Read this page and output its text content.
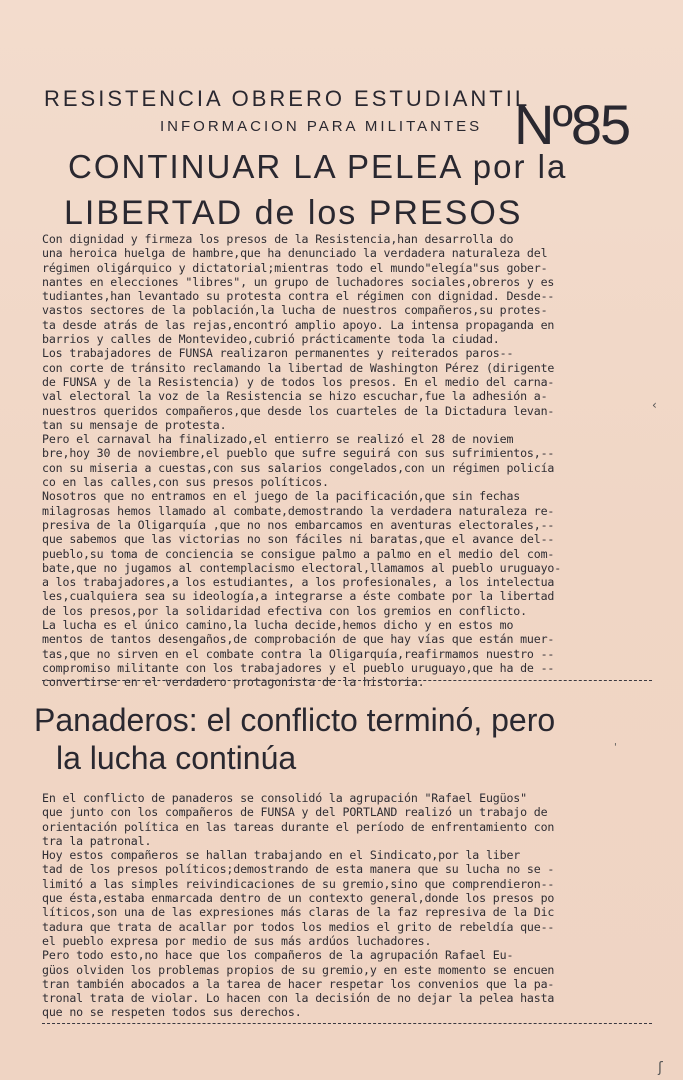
RESISTENCIA OBRERO ESTUDIANTIL
INFORMACION PARA MILITANTES Nº85
CONTINUAR LA PELEA por la
LIBERTAD de los PRESOS
Con dignidad y firmeza los presos de la Resistencia,han desarrolla do
una heroica huelga de hambre,que ha denunciado la verdadera naturaleza del
régimen oligárquico y dictatorial;mientras todo el mundo"elegía"sus gober-
nantes en elecciones "libres", un grupo de luchadores sociales,obreros y es
tudiantes,han levantado su protesta contra el régimen con dignidad. Desde--
vastos sectores de la población,la lucha de nuestros compañeros,su protes-
ta desde atrás de las rejas,encontró amplio apoyo. La intensa propaganda en
barrios y calles de Montevideo,cubrió prácticamente toda la ciudad.
Los trabajadores de FUNSA realizaron permanentes y reiterados paros--
con corte de tránsito reclamando la libertad de Washington Pérez (dirigente
de FUNSA y de la Resistencia) y de todos los presos. En el medio del carna-
val electoral la voz de la Resistencia se hizo escuchar,fue la adhesión a-
nuestros queridos compañeros,que desde los cuarteles de la Dictadura levan-
tan su mensaje de protesta.
Pero el carnaval ha finalizado,el entierro se realizó el 28 de noviem
bre,hoy 30 de noviembre,el pueblo que sufre seguirá con sus sufrimientos,--
con su miseria a cuestas,con sus salarios congelados,con un régimen policía
co en las calles,con sus presos políticos.
Nosotros que no entramos en el juego de la pacificación,que sin fechas
milagrosas hemos llamado al combate,demostrando la verdadera naturaleza re-
presiva de la Oligarquía ,que no nos embarcamos en aventuras electorales,--
que sabemos que las victorias no son fáciles ni baratas,que el avance del--
pueblo,su toma de conciencia se consigue palmo a palmo en el medio del com-
bate,que no jugamos al contemplacismo electoral,llamamos al pueblo uruguayo-
a los trabajadores,a los estudiantes, a los profesionales, a los intelectua
les,cualquiera sea su ideología,a integrarse a éste combate por la libertad
de los presos,por la solidaridad efectiva con los gremios en conflicto.
La lucha es el único camino,la lucha decide,hemos dicho y en estos mo
mentos de tantos desengaños,de comprobación de que hay vías que están muer-
tas,que no sirven en el combate contra la Oligarquía,reafirmamos nuestro --
compromiso militante con los trabajadores y el pueblo uruguayo,que ha de --
convertirse en el verdadero protagonista de la historia.
Panaderos: el conflicto terminó, pero
la lucha continúa
En el conflicto de panaderos se consolidó la agrupación "Rafael Eugüos"
que junto con los compañeros de FUNSA y del PORTLAND realizó un trabajo de
orientación política en las tareas durante el período de enfrentamiento con
tra la patronal.
Hoy estos compañeros se hallan trabajando en el Sindicato,por la liber
tad de los presos políticos;demostrando de esta manera que su lucha no se -
limitó a las simples reivindicaciones de su gremio,sino que comprendieron--
que ésta,estaba enmarcada dentro de un contexto general,donde los presos po
líticos,son una de las expresiones más claras de la faz represiva de la Dic
tadura que trata de acallar por todos los medios el grito de rebeldía que--
el pueblo expresa por medio de sus más ardúos luchadores.
Pero todo esto,no hace que los compañeros de la agrupación Rafael Eu-
güos olviden los problemas propios de su gremio,y en este momento se encuen
tran también abocados a la tarea de hacer respetar los convenios que la pa-
tronal trata de violar. Lo hacen con la decisión de no dejar la pelea hasta
que no se respeten todos sus derechos.
‹
'
ʃ
